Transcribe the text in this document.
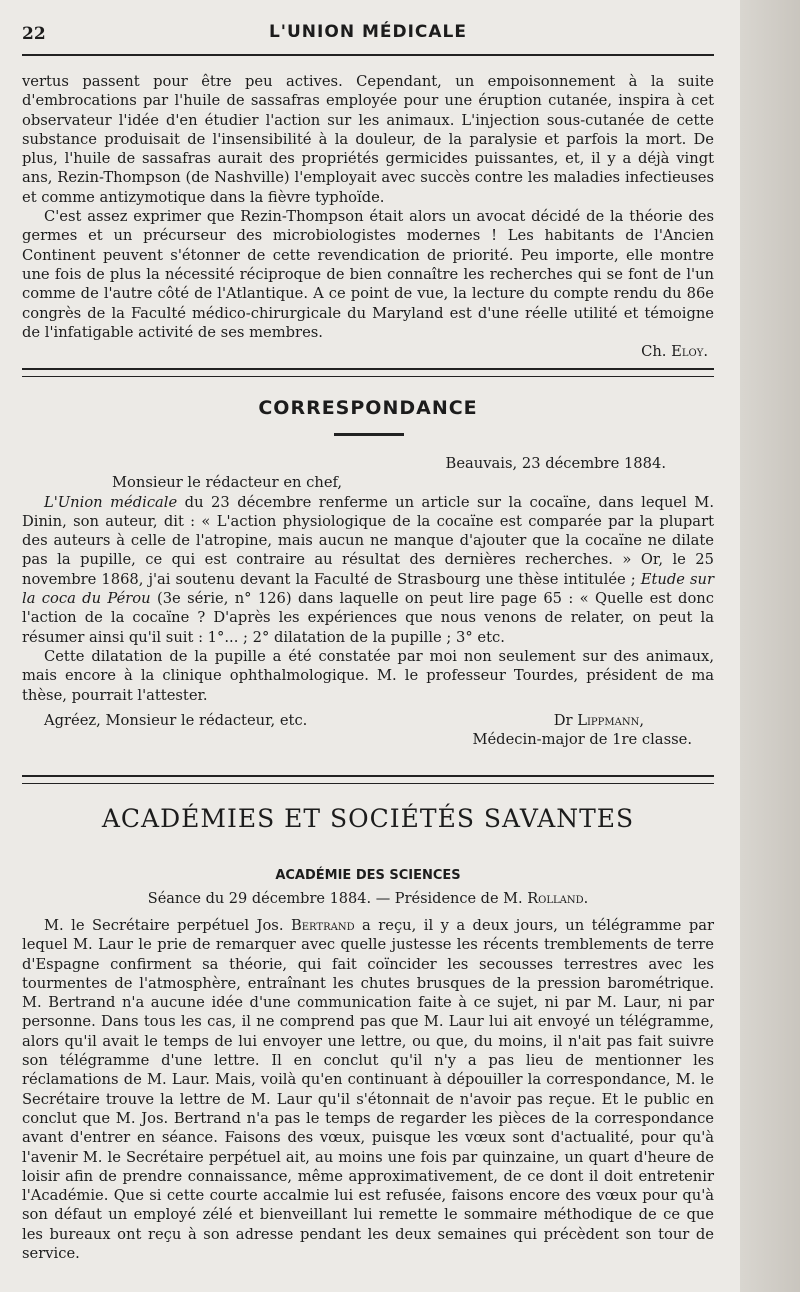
22	L'UNION MÉDICALE

vertus passent pour être peu actives. Cependant, un empoisonnement à la suite d'embrocations par l'huile de sassafras employée pour une éruption cutanée, inspira à cet observateur l'idée d'en étudier l'action sur les animaux. L'injection sous-cutanée de cette substance produisait de l'insensibilité à la douleur, de la paralysie et parfois la mort. De plus, l'huile de sassafras aurait des propriétés germicides puissantes, et, il y a déjà vingt ans, Rezin-Thompson (de Nashville) l'employait avec succès contre les maladies infectieuses et comme antizymotique dans la fièvre typhoïde.

C'est assez exprimer que Rezin-Thompson était alors un avocat décidé de la théorie des germes et un précurseur des microbiologistes modernes ! Les habitants de l'Ancien Continent peuvent s'étonner de cette revendication de priorité. Peu importe, elle montre une fois de plus la nécessité réciproque de bien connaître les recherches qui se font de l'un comme de l'autre côté de l'Atlantique. A ce point de vue, la lecture du compte rendu du 86e congrès de la Faculté médico-chirurgicale du Maryland est d'une réelle utilité et témoigne de l'infatigable activité de ses membres.

Ch. Eloy.
CORRESPONDANCE
Beauvais, 23 décembre 1884.
Monsieur le rédacteur en chef,

L'Union médicale du 23 décembre renferme un article sur la cocaïne, dans lequel M. Dinin, son auteur, dit : « L'action physiologique de la cocaïne est comparée par la plupart des auteurs à celle de l'atropine, mais aucun ne manque d'ajouter que la cocaïne ne dilate pas la pupille, ce qui est contraire au résultat des dernières recherches. » Or, le 25 novembre 1868, j'ai soutenu devant la Faculté de Strasbourg une thèse intitulée ; Etude sur la coca du Pérou (3e série, n° 126) dans laquelle on peut lire page 65 : « Quelle est donc l'action de la cocaïne ? D'après les expériences que nous venons de relater, on peut la résumer ainsi qu'il suit : 1°... ; 2° dilatation de la pupille ; 3° etc.

Cette dilatation de la pupille a été constatée par moi non seulement sur des animaux, mais encore à la clinique ophthalmologique. M. le professeur Tourdes, président de ma thèse, pourrait l'attester.

Agréez, Monsieur le rédacteur, etc.	Dr Lippmann,
Médecin-major de 1re classe.
ACADÉMIES ET SOCIÉTÉS SAVANTES
ACADÉMIE DES SCIENCES
Séance du 29 décembre 1884. — Présidence de M. Rolland.

M. le Secrétaire perpétuel Jos. Bertrand a reçu, il y a deux jours, un télégramme par lequel M. Laur le prie de remarquer avec quelle justesse les récents tremblements de terre d'Espagne confirment sa théorie, qui fait coïncider les secousses terrestres avec les tourmentes de l'atmosphère, entraînant les chutes brusques de la pression barométrique. M. Bertrand n'a aucune idée d'une communication faite à ce sujet, ni par M. Laur, ni par personne. Dans tous les cas, il ne comprend pas que M. Laur lui ait envoyé un télégramme, alors qu'il avait le temps de lui envoyer une lettre, ou que, du moins, il n'ait pas fait suivre son télégramme d'une lettre. Il en conclut qu'il n'y a pas lieu de mentionner les réclamations de M. Laur. Mais, voilà qu'en continuant à dépouiller la correspondance, M. le Secrétaire trouve la lettre de M. Laur qu'il s'étonnait de n'avoir pas reçue. Et le public en conclut que M. Jos. Bertrand n'a pas le temps de regarder les pièces de la correspondance avant d'entrer en séance. Faisons des vœux, puisque les vœux sont d'actualité, pour qu'à l'avenir M. le Secrétaire perpétuel ait, au moins une fois par quinzaine, un quart d'heure de loisir afin de prendre connaissance, même approximativement, de ce dont il doit entretenir l'Académie. Que si cette courte accalmie lui est refusée, faisons encore des vœux pour qu'à son défaut un employé zélé et bienveillant lui remette le sommaire méthodique de ce que les bureaux ont reçu à son adresse pendant les deux semaines qui précèdent son tour de service.
